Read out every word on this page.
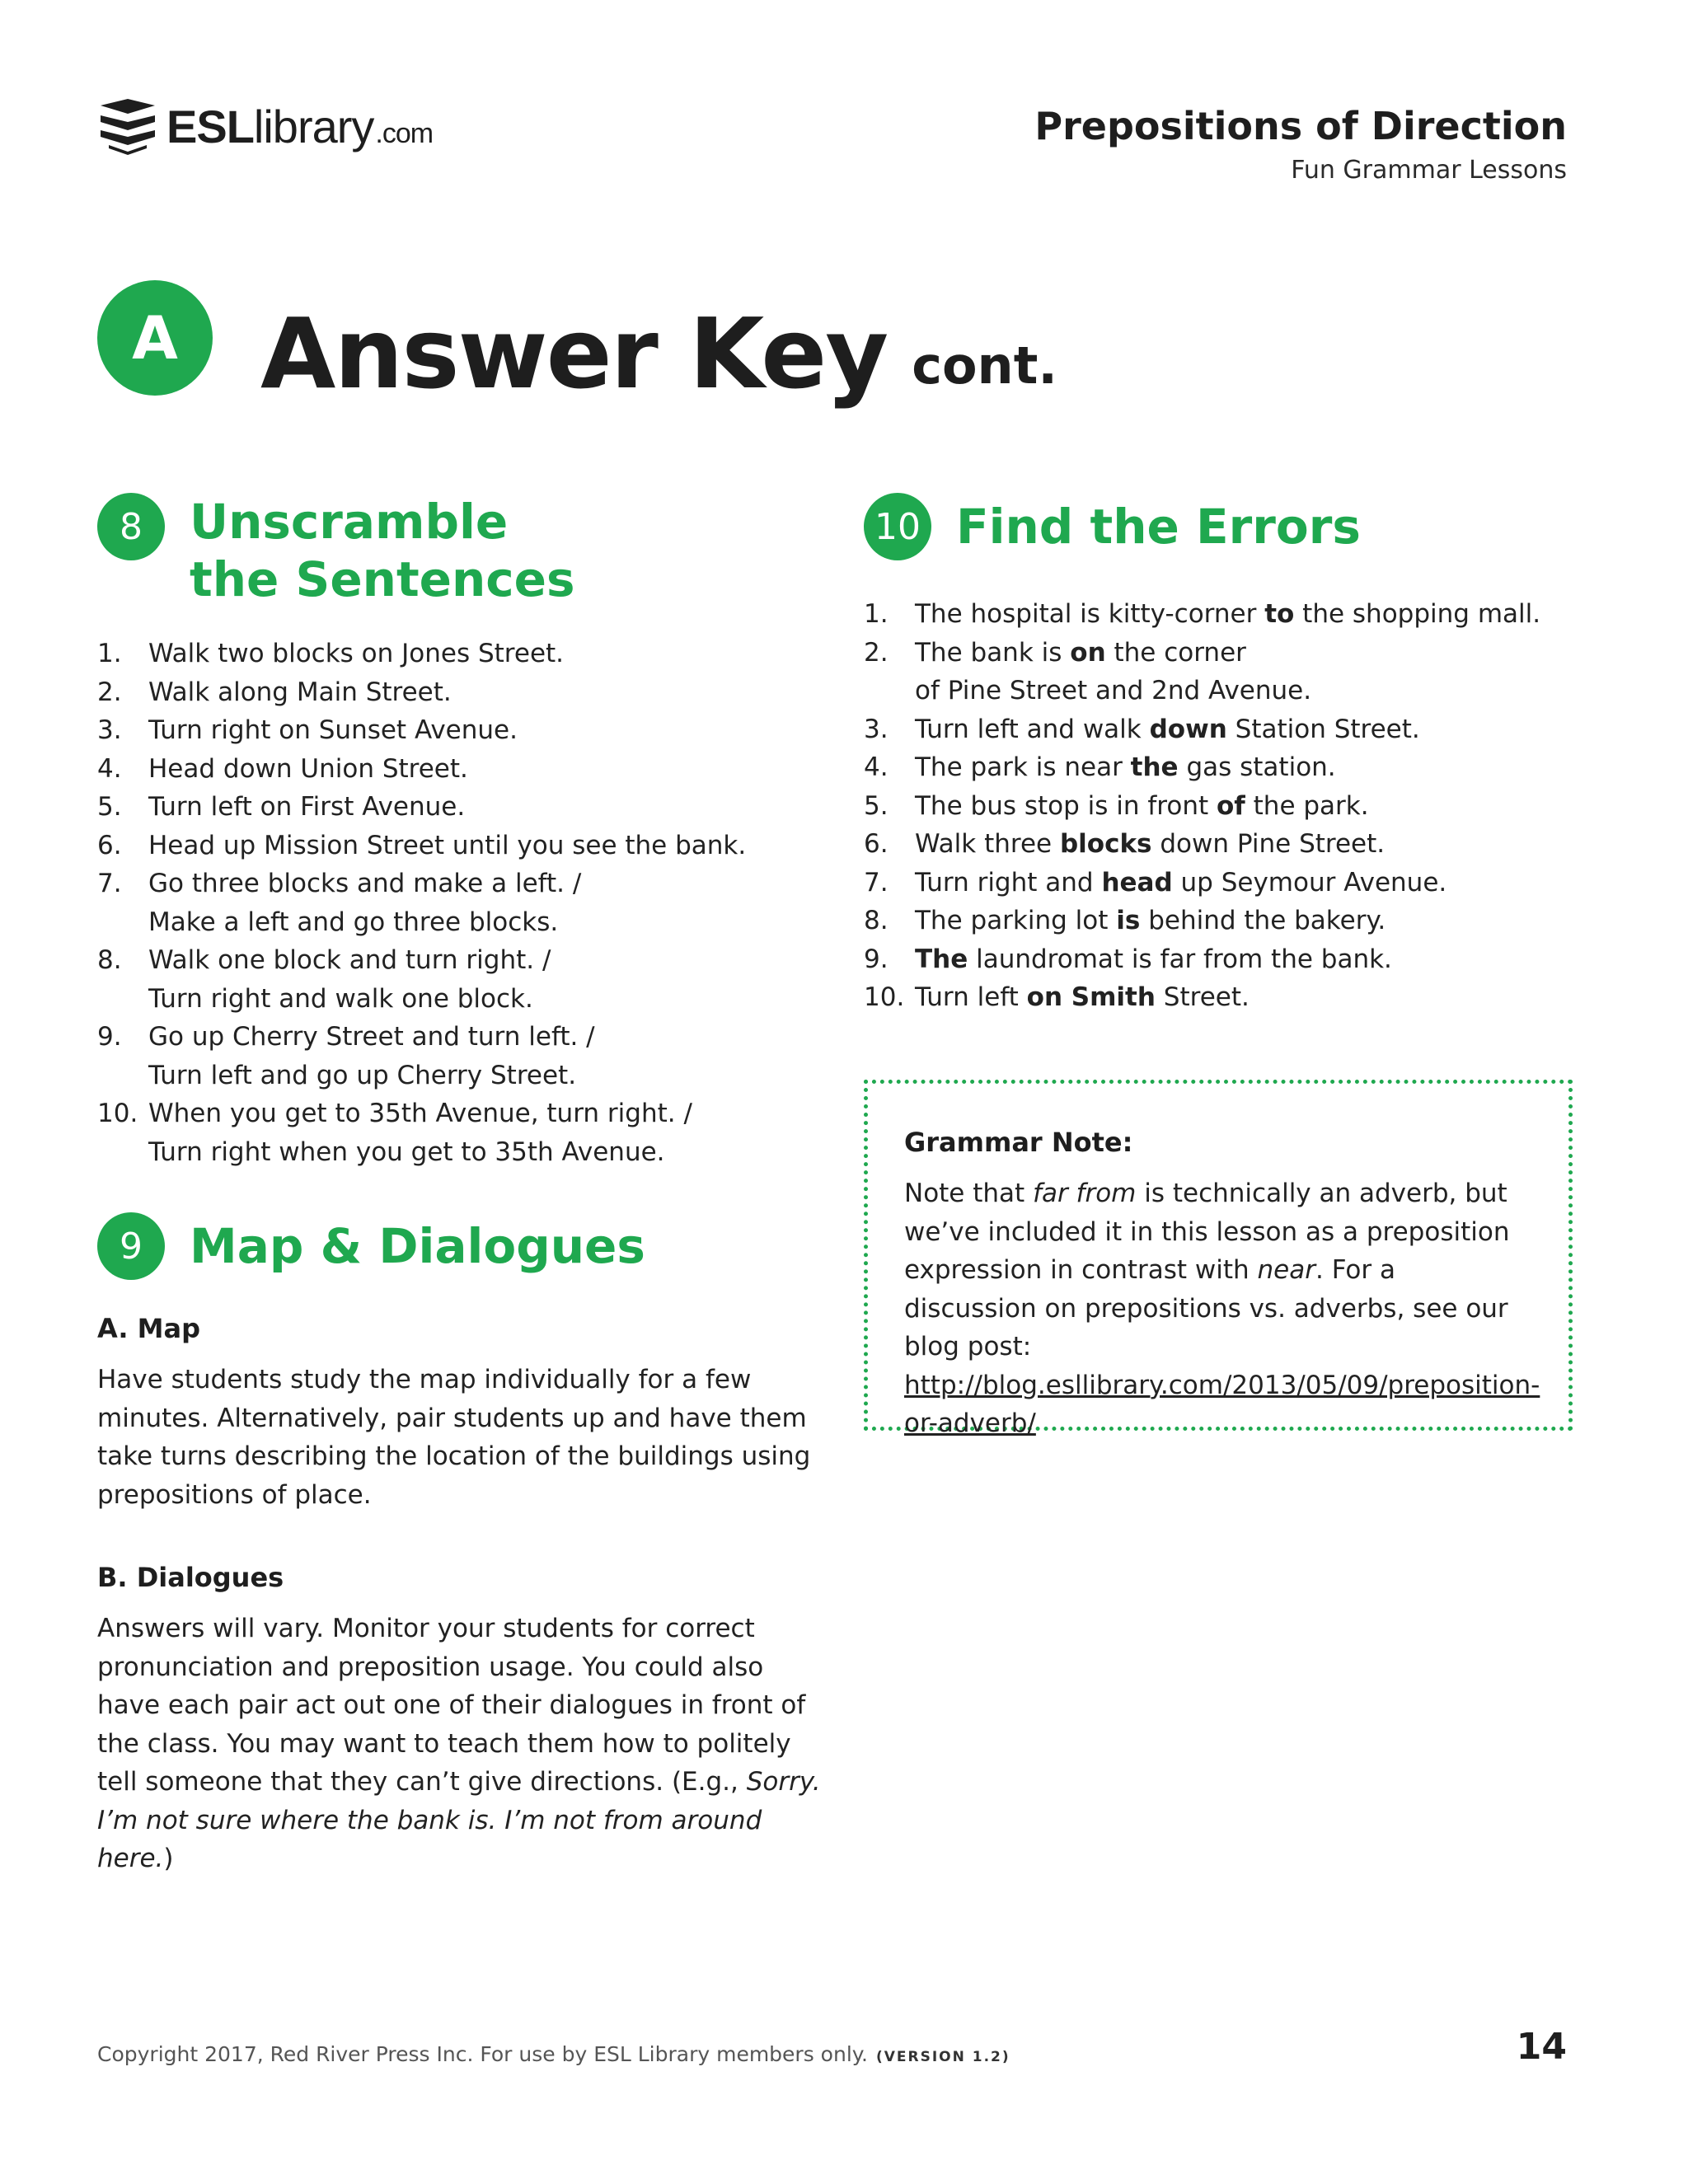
ESLlibrary.com	Prepositions of Direction
Fun Grammar Lessons
A Answer Key cont.
8 Unscramble
the Sentences
1.	Walk two blocks on Jones Street.
2.	Walk along Main Street.
3.	Turn right on Sunset Avenue.
4.	Head down Union Street.
5.	Turn left on First Avenue.
6.	Head up Mission Street until you see the bank.
7.	Go three blocks and make a left. /
Make a left and go three blocks.
8.	Walk one block and turn right. /
Turn right and walk one block.
9.	Go up Cherry Street and turn left. /
Turn left and go up Cherry Street.
10. When you get to 35th Avenue, turn right. /
Turn right when you get to 35th Avenue.
9 Map & Dialogues
A. Map
Have students study the map individually for a few minutes. Alternatively, pair students up and have them take turns describing the location of the buildings using prepositions of place.
B. Dialogues
Answers will vary. Monitor your students for correct pronunciation and preposition usage. You could also have each pair act out one of their dialogues in front of the class. You may want to teach them how to politely tell someone that they can’t give directions. (E.g., Sorry. I’m not sure where the bank is. I’m not from around here.)
10 Find the Errors
1.	The hospital is kitty-corner to the shopping mall.
2.	The bank is on the corner
of Pine Street and 2nd Avenue.
3.	Turn left and walk down Station Street.
4.	The park is near the gas station.
5.	The bus stop is in front of the park.
6.	Walk three blocks down Pine Street.
7.	Turn right and head up Seymour Avenue.
8.	The parking lot is behind the bakery.
9.	The laundromat is far from the bank.
10. Turn left on Smith Street.
Grammar Note:
Note that far from is technically an adverb, but we’ve included it in this lesson as a preposition expression in contrast with near. For a discussion on prepositions vs. adverbs, see our blog post: http://blog.esllibrary.com/2013/05/09/preposition-or-adverb/
Copyright 2017, Red River Press Inc. For use by ESL Library members only. (VERSION 1.2)	14
